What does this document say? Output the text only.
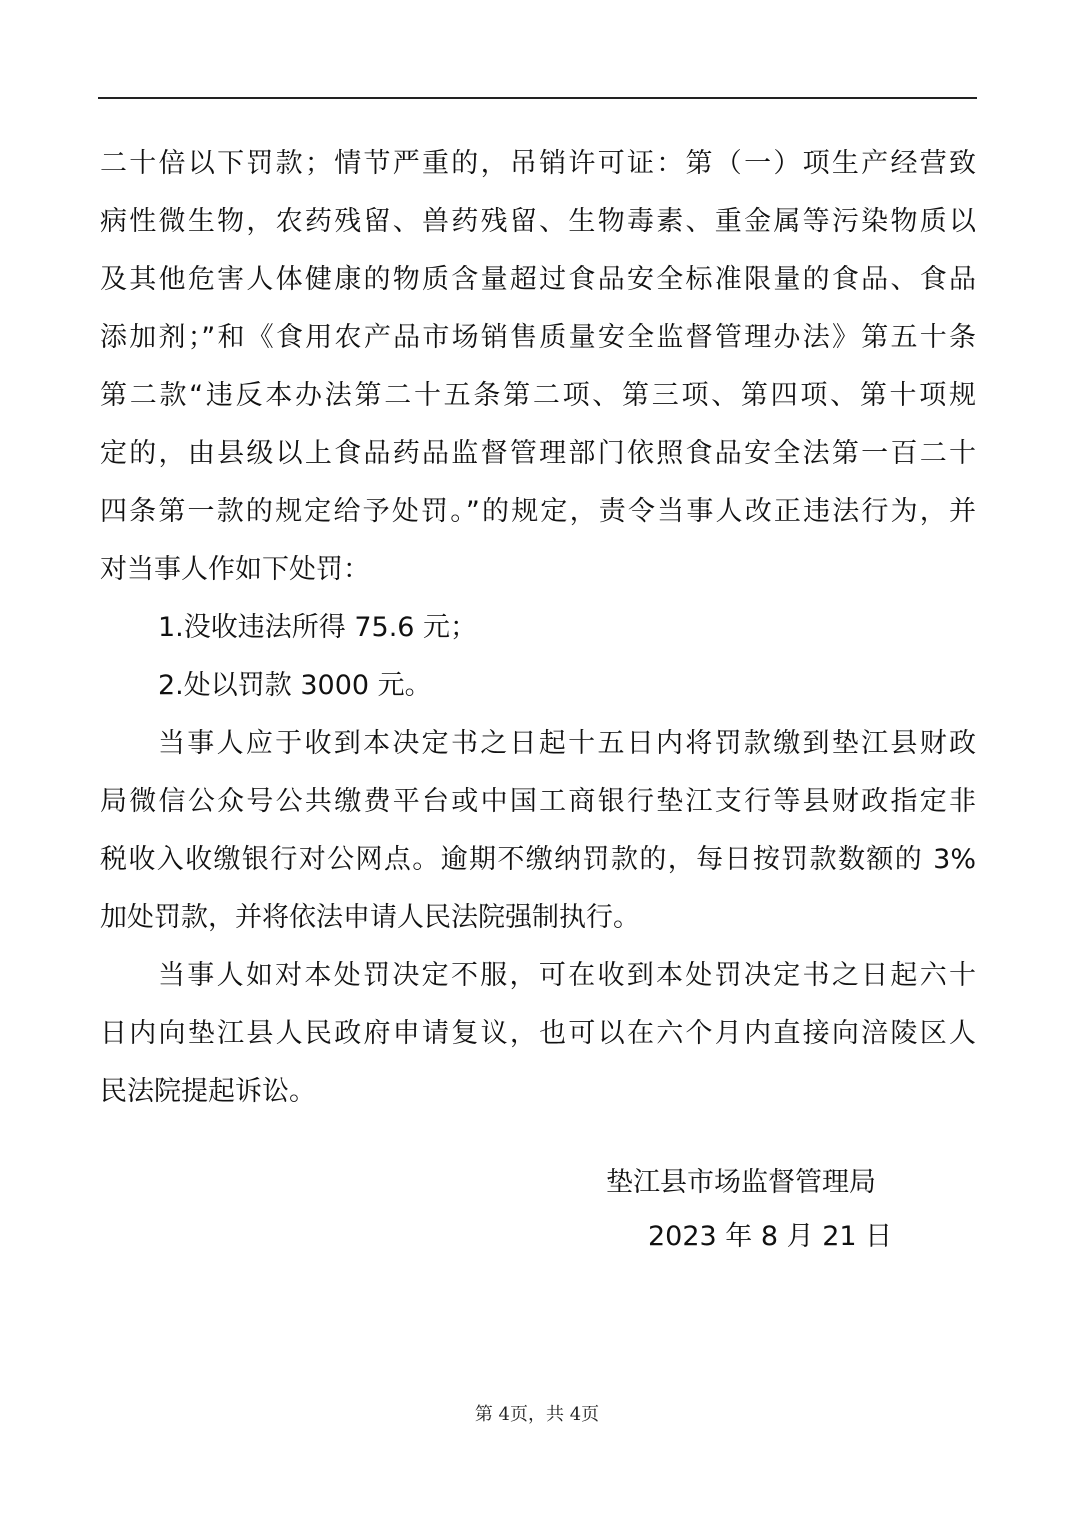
二十倍以下罚款；情节严重的，吊销许可证：第（一）项生产经营致
病性微生物，农药残留、兽药残留、生物毒素、重金属等污染物质以
及其他危害人体健康的物质含量超过食品安全标准限量的食品、食品
添加剂；”和《食用农产品市场销售质量安全监督管理办法》第五十条
第二款“违反本办法第二十五条第二项、第三项、第四项、第十项规
定的，由县级以上食品药品监督管理部门依照食品安全法第一百二十
四条第一款的规定给予处罚。”的规定，责令当事人改正违法行为，并
对当事人作如下处罚：
1.没收违法所得 75.6 元；
2.处以罚款 3000 元。
当事人应于收到本决定书之日起十五日内将罚款缴到垫江县财政
局微信公众号公共缴费平台或中国工商银行垫江支行等县财政指定非
税收入收缴银行对公网点。逾期不缴纳罚款的，每日按罚款数额的 3%
加处罚款，并将依法申请人民法院强制执行。
当事人如对本处罚决定不服，可在收到本处罚决定书之日起六十
日内向垫江县人民政府申请复议，也可以在六个月内直接向涪陵区人
民法院提起诉讼。
垫江县市场监督管理局
2023 年 8 月 21 日
第 4页，共 4页
